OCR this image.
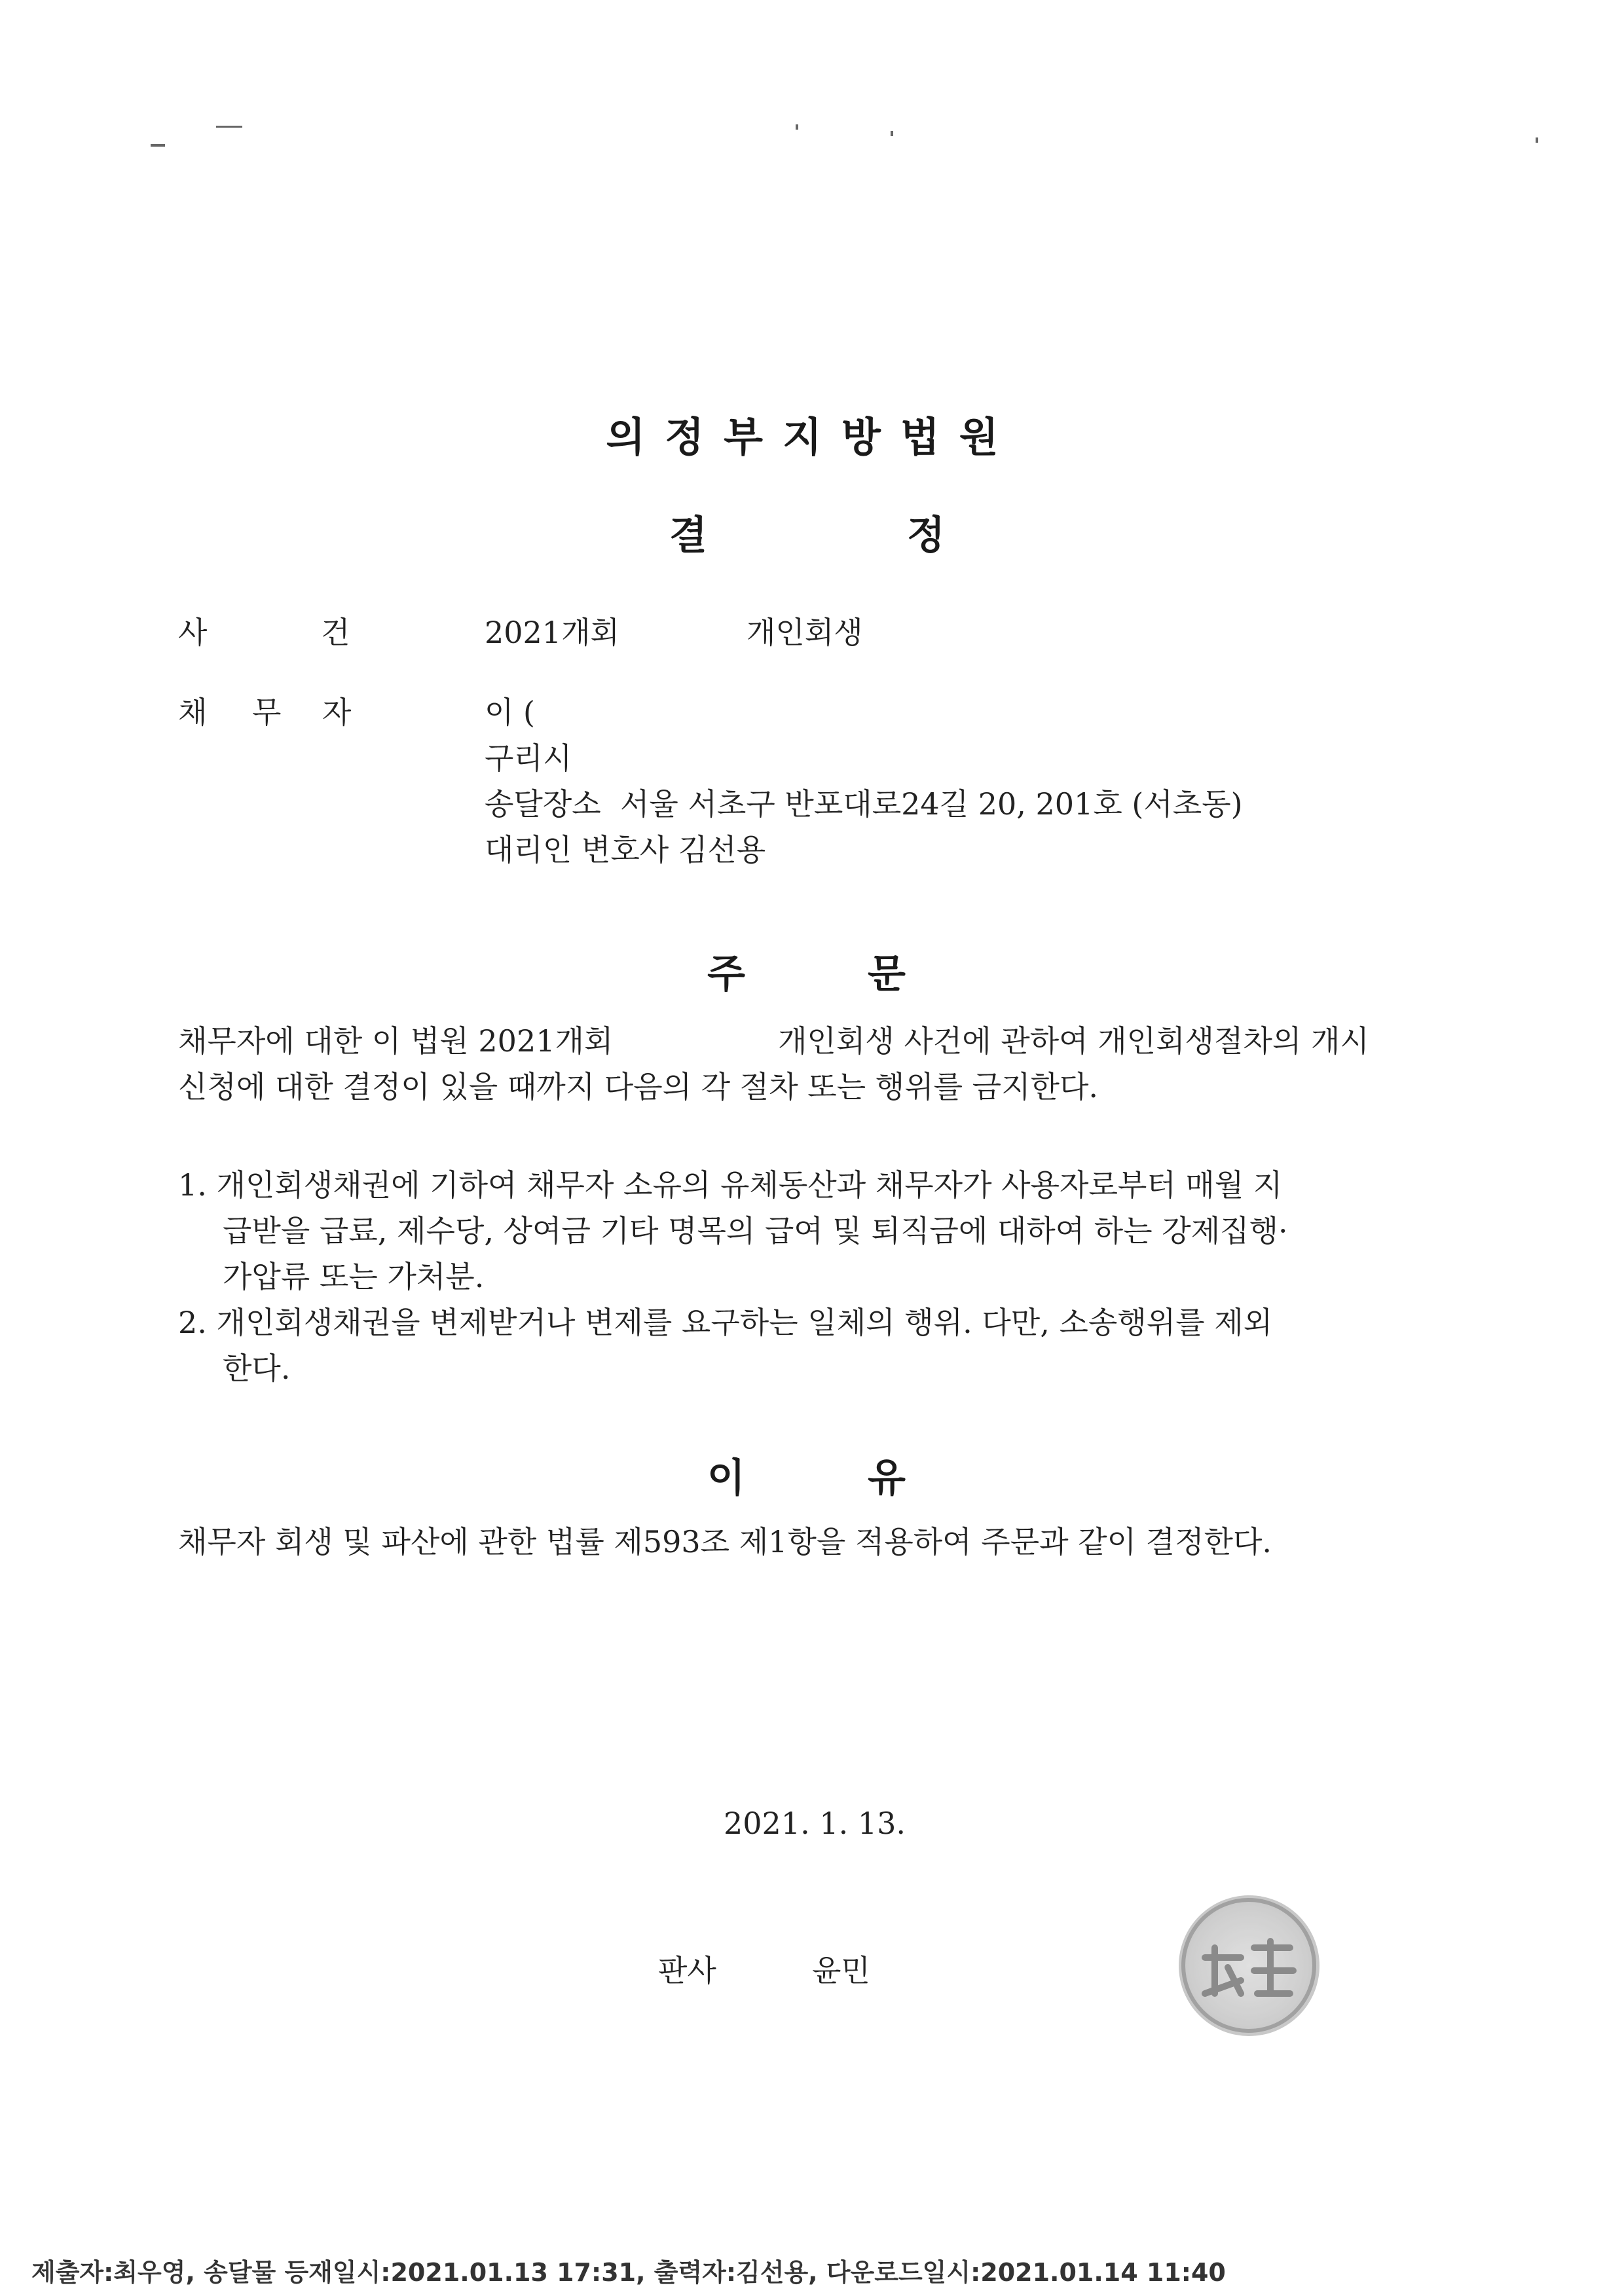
의정부지방법원
결	정
사	건	2021개회	개인회생
채 무 자	이 (
구리시
송달장소  서울 서초구 반포대로24길 20, 201호 (서초동)
대리인 변호사 김선용
주	문
채무자에 대한 이 법원 2021개회	개인회생 사건에 관하여 개인회생절차의 개시
신청에 대한 결정이 있을 때까지 다음의 각 절차 또는 행위를 금지한다.
1. 개인회생채권에 기하여 채무자 소유의 유체동산과 채무자가 사용자로부터 매월 지
급받을 급료, 제수당, 상여금 기타 명목의 급여 및 퇴직금에 대하여 하는 강제집행·
가압류 또는 가처분.
2. 개인회생채권을 변제받거나 변제를 요구하는 일체의 행위. 다만, 소송행위를 제외
한다.
이	유
채무자 회생 및 파산에 관한 법률 제593조 제1항을 적용하여 주문과 같이 결정한다.
2021. 1. 13.
판사	윤민
제출자:최우영, 송달물 등재일시:2021.01.13 17:31, 출력자:김선용, 다운로드일시:2021.01.14 11:40
